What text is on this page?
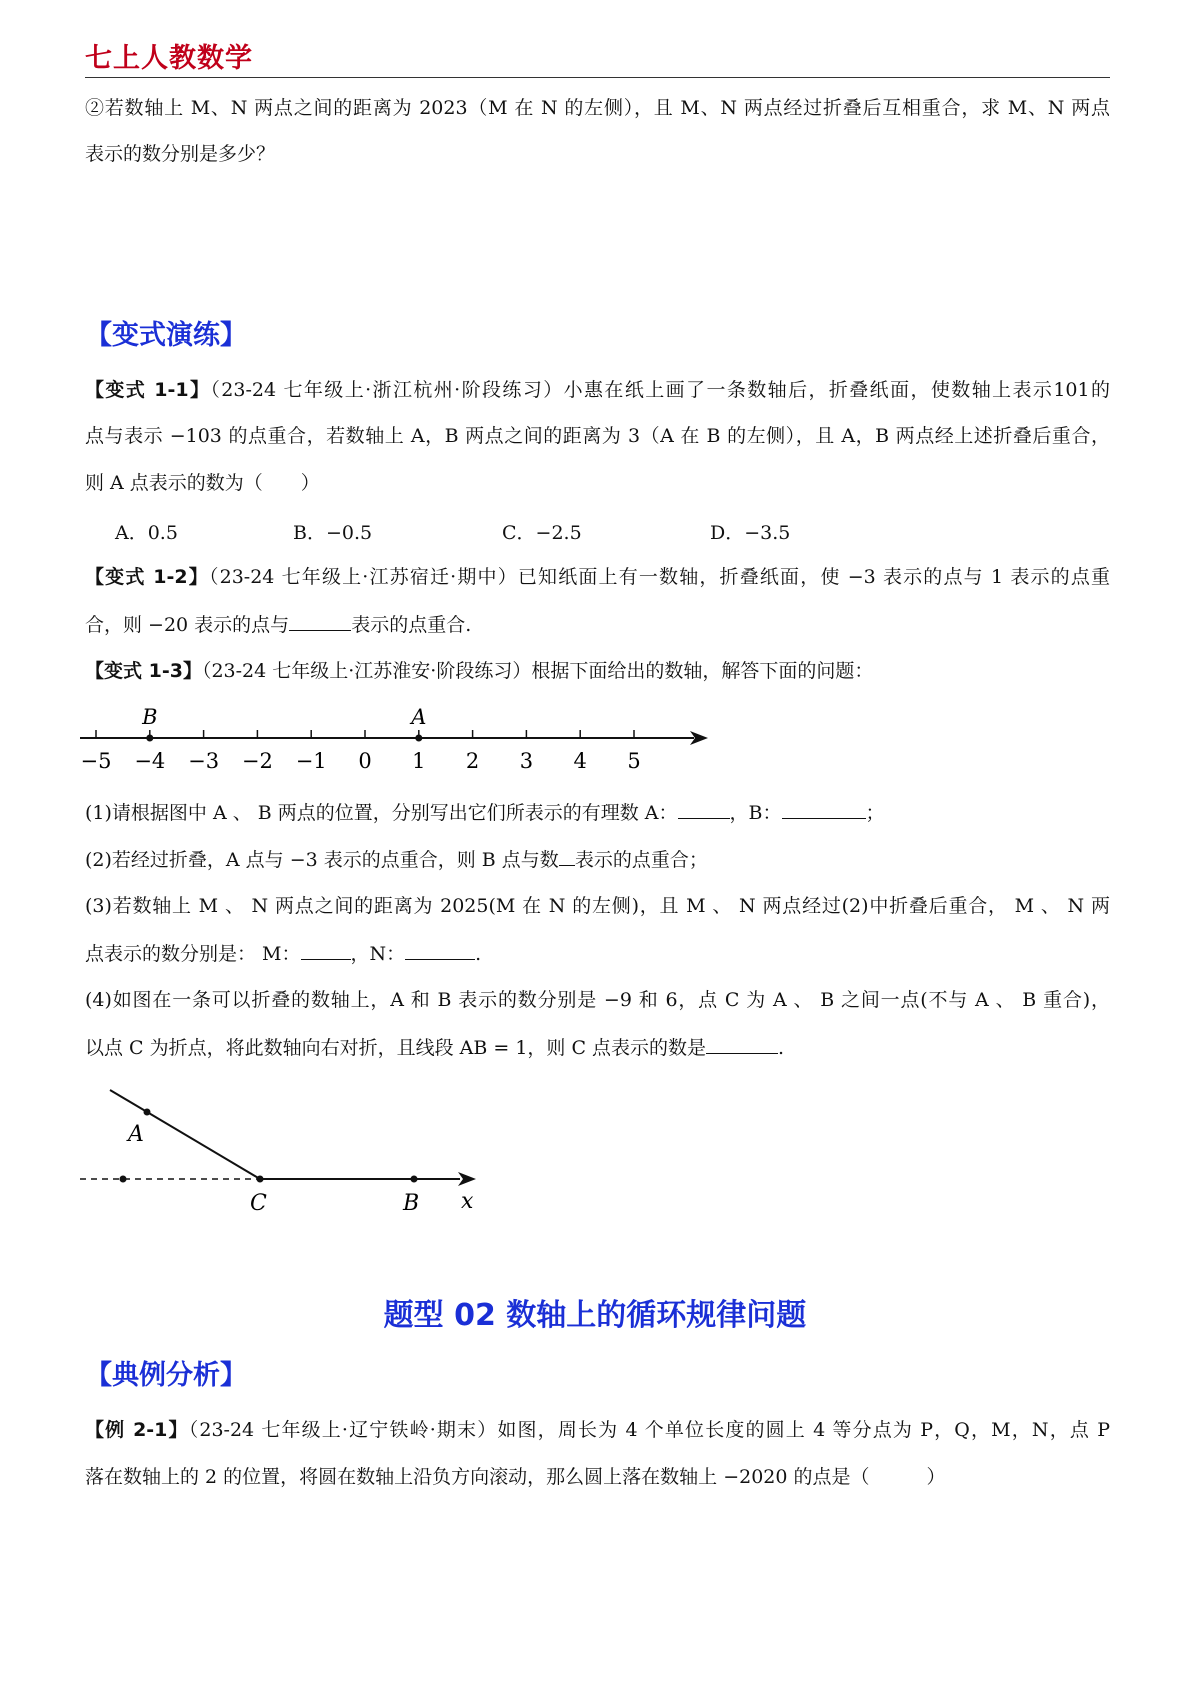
七上人教数学
②若数轴上 M、N 两点之间的距离为 2023（M 在 N 的左侧），且 M、N 两点经过折叠后互相重合，求 M、N 两点
表示的数分别是多少？
【变式演练】
【变式 1-1】（23-24 七年级上·浙江杭州·阶段练习）小惠在纸上画了一条数轴后，折叠纸面，使数轴上表示101的
点与表示 −103 的点重合，若数轴上 A，B 两点之间的距离为 3（A 在 B 的左侧），且 A，B 两点经上述折叠后重合，
则 A 点表示的数为（　　）
A．0.5	B．−0.5	C．−2.5	D．−3.5
【变式 1-2】（23-24 七年级上·江苏宿迁·期中）已知纸面上有一数轴，折叠纸面，使 −3 表示的点与 1 表示的点重
合，则 −20 表示的点与	表示的点重合.
【变式 1-3】（23-24 七年级上·江苏淮安·阶段练习）根据下面给出的数轴，解答下面的问题：
−5 −4 −3 −2 −1 0 1 2 3 4 5
B	A
(1)请根据图中 A 、 B 两点的位置，分别写出它们所表示的有理数 A：	，B：	；
(2)若经过折叠，A 点与 −3 表示的点重合，则 B 点与数 表示的点重合；
(3)若数轴上 M 、 N 两点之间的距离为 2025(M 在 N 的左侧)，且 M 、 N 两点经过(2)中折叠后重合， M 、 N 两
点表示的数分别是： M：	，N：	.
(4)如图在一条可以折叠的数轴上，A 和 B 表示的数分别是 −9 和 6，点 C 为 A 、 B 之间一点(不与 A 、 B 重合)，
以点 C 为折点，将此数轴向右对折，且线段 AB = 1，则 C 点表示的数是	.
A
C	B x
题型 02 数轴上的循环规律问题
【典例分析】
【例 2-1】（23-24 七年级上·辽宁铁岭·期末）如图，周长为 4 个单位长度的圆上 4 等分点为 P，Q，M，N，点 P
落在数轴上的 2 的位置，将圆在数轴上沿负方向滚动，那么圆上落在数轴上 −2020 的点是（　　　）
